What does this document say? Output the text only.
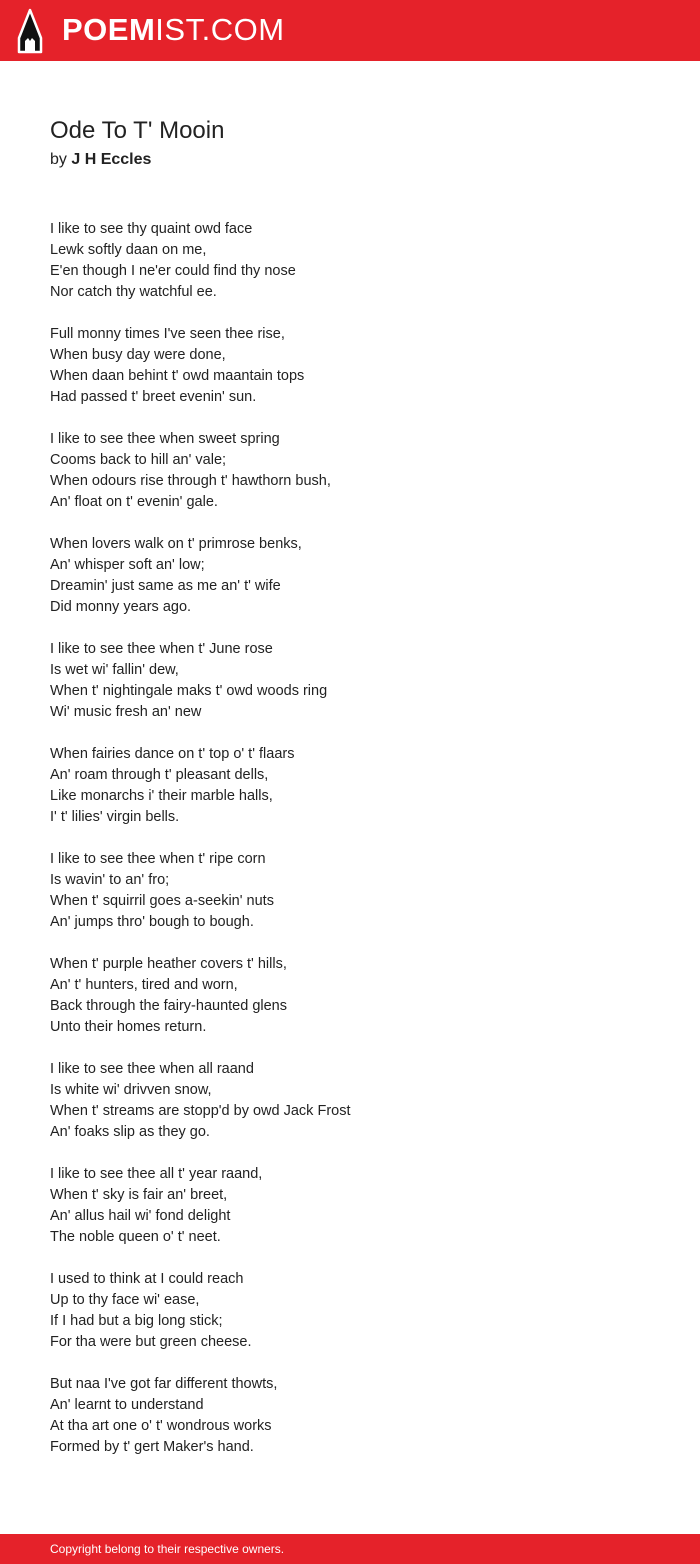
POEMIST.COM
Ode To T' Mooin
by J H Eccles
I like to see thy quaint owd face
Lewk softly daan on me,
E'en though I ne'er could find thy nose
Nor catch thy watchful ee.
Full monny times I've seen thee rise,
When busy day were done,
When daan behint t' owd maantain tops
Had passed t' breet evenin' sun.
I like to see thee when sweet spring
Cooms back to hill an' vale;
When odours rise through t' hawthorn bush,
An' float on t' evenin' gale.
When lovers walk on t' primrose benks,
An' whisper soft an' low;
Dreamin' just same as me an' t' wife
Did monny years ago.
I like to see thee when t' June rose
Is wet wi' fallin' dew,
When t' nightingale maks t' owd woods ring
Wi' music fresh an' new
When fairies dance on t' top o' t' flaars
An' roam through t' pleasant dells,
Like monarchs i' their marble halls,
I' t' lilies' virgin bells.
I like to see thee when t' ripe corn
Is wavin' to an' fro;
When t' squirril goes a-seekin' nuts
An' jumps thro' bough to bough.
When t' purple heather covers t' hills,
An' t' hunters, tired and worn,
Back through the fairy-haunted glens
Unto their homes return.
I like to see thee when all raand
Is white wi' drivven snow,
When t' streams are stopp'd by owd Jack Frost
An' foaks slip as they go.
I like to see thee all t' year raand,
When t' sky is fair an' breet,
An' allus hail wi' fond delight
The noble queen o' t' neet.
I used to think at I could reach
Up to thy face wi' ease,
If I had but a big long stick;
For tha were but green cheese.
But naa I've got far different thowts,
An' learnt to understand
At tha art one o' t' wondrous works
Formed by t' gert Maker's hand.
Copyright belong to their respective owners.
